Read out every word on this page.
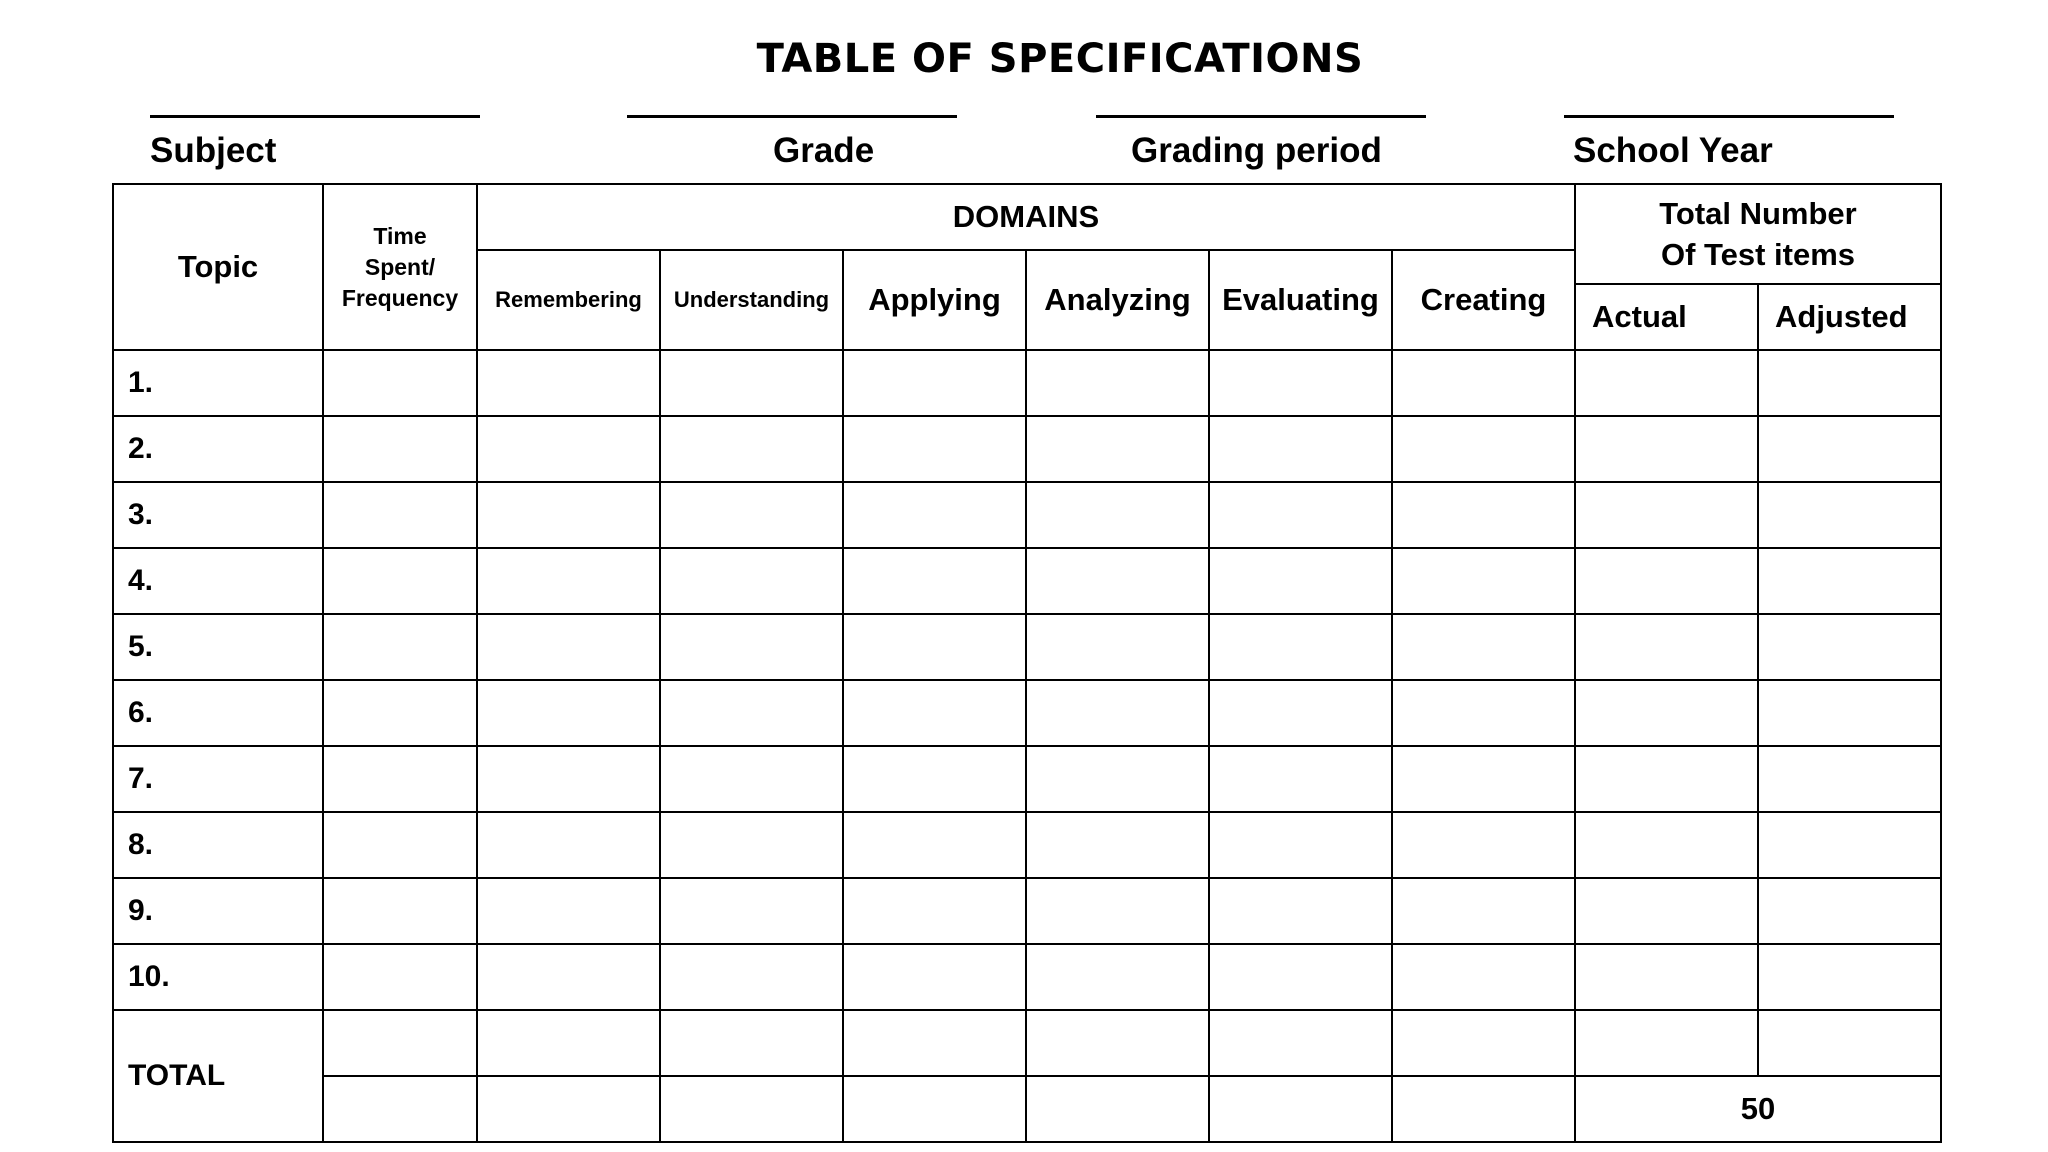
TABLE OF SPECIFICATIONS
Subject	Grade	Grading period	School Year
Topic	Time
Spent/
Frequency	DOMAINS						Total Number
Of Test items	
		Remembering	Understanding	Applying	Analyzing	Evaluating	Creating		
								Actual	Adjusted
1.									
2.									
3.									
4.									
5.									
6.									
7.									
8.									
9.									
10.									
TOTAL									
								50	
